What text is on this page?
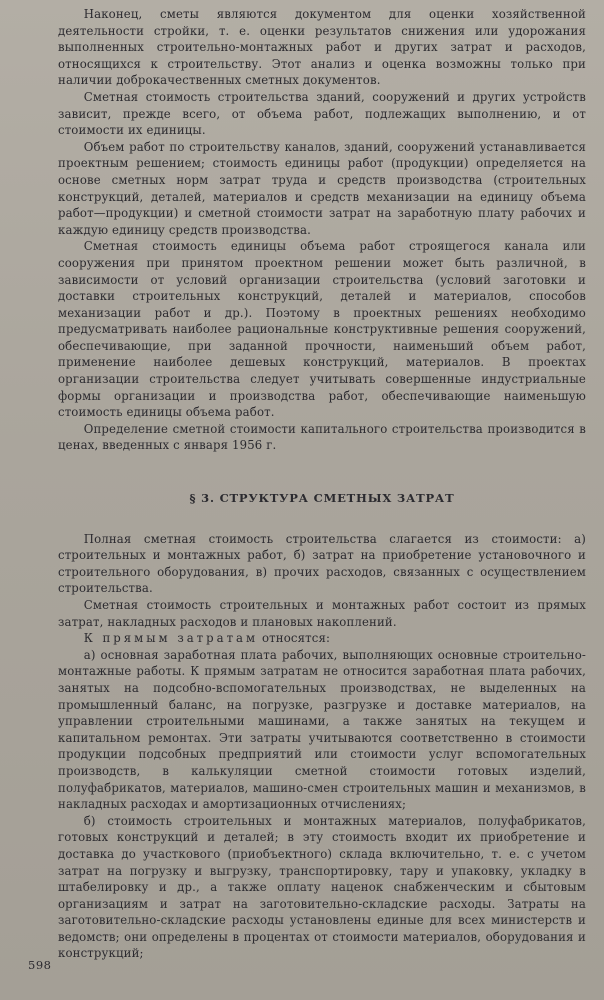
Наконец, сметы являются документом для оценки хозяйственной деятельности стройки, т. е. оценки результатов снижения или удорожания выполненных строительно-монтажных работ и других затрат и расходов, относящихся к строительству. Этот анализ и оценка возможны только при наличии доброкачественных сметных документов.

Сметная стоимость строительства зданий, сооружений и других устройств зависит, прежде всего, от объема работ, подлежащих выполнению, и от стоимости их единицы.

Объем работ по строительству каналов, зданий, сооружений устанавливается проектным решением; стоимость единицы работ (продукции) определяется на основе сметных норм затрат труда и средств производства (строительных конструкций, деталей, материалов и средств механизации на единицу объема работ—продукции) и сметной стоимости затрат на заработную плату рабочих и каждую единицу средств производства.

Сметная стоимость единицы объема работ строящегося канала или сооружения при принятом проектном решении может быть различной, в зависимости от условий организации строительства (условий заготовки и доставки строительных конструкций, деталей и материалов, способов механизации работ и др.). Поэтому в проектных решениях необходимо предусматривать наиболее рациональные конструктивные решения сооружений, обеспечивающие, при заданной прочности, наименьший объем работ, применение наиболее дешевых конструкций, материалов. В проектах организации строительства следует учитывать совершенные индустриальные формы организации и производства работ, обеспечивающие наименьшую стоимость единицы объема работ.

Определение сметной стоимости капитального строительства производится в ценах, введенных с января 1956 г.

§ 3. СТРУКТУРА СМЕТНЫХ ЗАТРАТ

Полная сметная стоимость строительства слагается из стоимости: а) строительных и монтажных работ, б) затрат на приобретение установочного и строительного оборудования, в) прочих расходов, связанных с осуществлением строительства.

Сметная стоимость строительных и монтажных работ состоит из прямых затрат, накладных расходов и плановых накоплений.

К прямым затратам относятся:

а) основная заработная плата рабочих, выполняющих основные строительно-монтажные работы. К прямым затратам не относится заработная плата рабочих, занятых на подсобно-вспомогательных производствах, не выделенных на промышленный баланс, на погрузке, разгрузке и доставке материалов, на управлении строительными машинами, а также занятых на текущем и капитальном ремонтах. Эти затраты учитываются соответственно в стоимости продукции подсобных предприятий или стоимости услуг вспомогательных производств, в калькуляции сметной стоимости готовых изделий, полуфабрикатов, материалов, машино-смен строительных машин и механизмов, в накладных расходах и амортизационных отчислениях;

б) стоимость строительных и монтажных материалов, полуфабрикатов, готовых конструкций и деталей; в эту стоимость входит их приобретение и доставка до участкового (приобъектного) склада включительно, т. е. с учетом затрат на погрузку и выгрузку, транспортировку, тару и упаковку, укладку в штабелировку и др., а также оплату наценок снабженческим и сбытовым организациям и затрат на заготовительно-складские расходы. Затраты на заготовительно-складские расходы установлены единые для всех министерств и ведомств; они определены в процентах от стоимости материалов, оборудования и конструкций;

598
